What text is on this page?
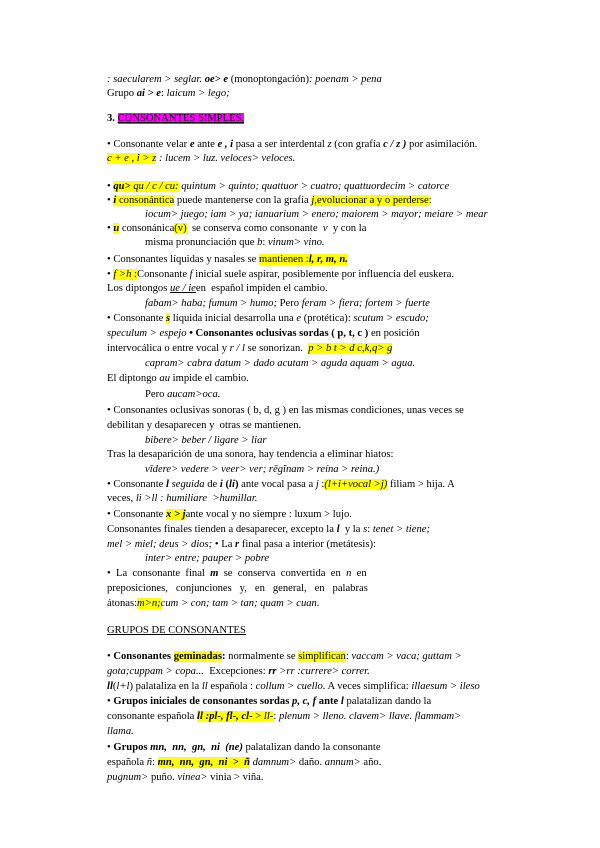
: saecularem > seglar. oe> e (monoptongación): poenam > pena
Grupo ai > e: laicum > lego;
3. CONSONANTES SIMPLES.
• Consonante velar e ante e , i pasa a ser interdental z (con grafía c / z ) por asimilación.
c + e , i > z : lucem > luz. veloces> veloces.
• qu> qu / c / cu: quintum > quinto; quattuor > cuatro; quattuordecim > catorce
• i consonántica puede mantenerse con la grafía j,evolucionar a y o perderse:
iocum> juego; iam > ya; ianuarium > enero; maiorem > mayor; meiare > mear
• u consonánica(v)  se conserva como consonante  v  y con la
misma pronunciación que b: vinum> vino.
• Consonantes líquidas y nasales se mantienen :l, r, m, n.
• f >h :Consonante f inicial suele aspirar, posiblemente por influencia del euskera.
Los diptongos ue / ieen  español impiden el cambio.
fabam> haba; fumum > humo; Pero feram > fiera; fortem > fuerte
• Consonante s líquida inicial desarrolla una e (protética): scutum > escudo;
speculum > espejo • Consonantes oclusivas sordas ( p, t, c ) en posición
intervocálica o entre vocal y r / l se sonorizan.  p > b t > d c,k,q> g
capram> cabra datum > dado acutam > aguda aquam > agua.
El diptongo au impide el cambio.
Pero aucam>oca.
• Consonantes oclusivas sonoras ( b, d, g ) en las mismas condiciones, unas veces se
debilitan y desaparecen y  otras se mantienen.
bibere> beber / ligare > liar
Tras la desaparición de una sonora, hay tendencia a eliminar hiatos:
vīdere> vedere > veer> ver; rēgĭnam > reína > reina.)
• Consonante l seguida de i (li) ante vocal pasa a j :(l+i+vocal >j) filiam > hija. A
veces, li >ll : humiliare  >humillar.
• Consonante x > jante vocal y no siempre : luxum > lujo.
Consonantes finales tienden a desaparecer, excepto la l  y la s: tenet > tiene;
mel > miel; deus > dios; • La r final pasa a interior (metátesis):
inter> entre; pauper > pobre
•  La  consonante  final  m  se  conserva  convertida  en  n  en
preposiciones,   conjunciones   y,   en   general,   en   palabras
átonas:m>n;cum > con; tam > tan; quam > cuan.
GRUPOS DE CONSONANTES
• Consonantes geminadas: normalmente se simplifican: vaccam > vaca; guttam >
gota;cuppam > copa...  Excepciones: rr >rr :currere> correr.
ll(l+l) palataliza en la ll española : collum > cuello. A veces simplifica: illaesum > ileso
• Grupos iniciales de consonantes sordas p, c, f ante l palatalizan dando la
consonante española ll :pl-, fl-, cl- > ll-: plenum > lleno. clavem> llave. flammam>
llama.
• Grupos mn,  nn,  gn,  ni  (ne) palatalizan dando la consonante
española ñ: mn,  nn,  gn,  ni  >  ñ damnum> daño. annum> año.
pugnum> puño. vineа> vinia > viña.
